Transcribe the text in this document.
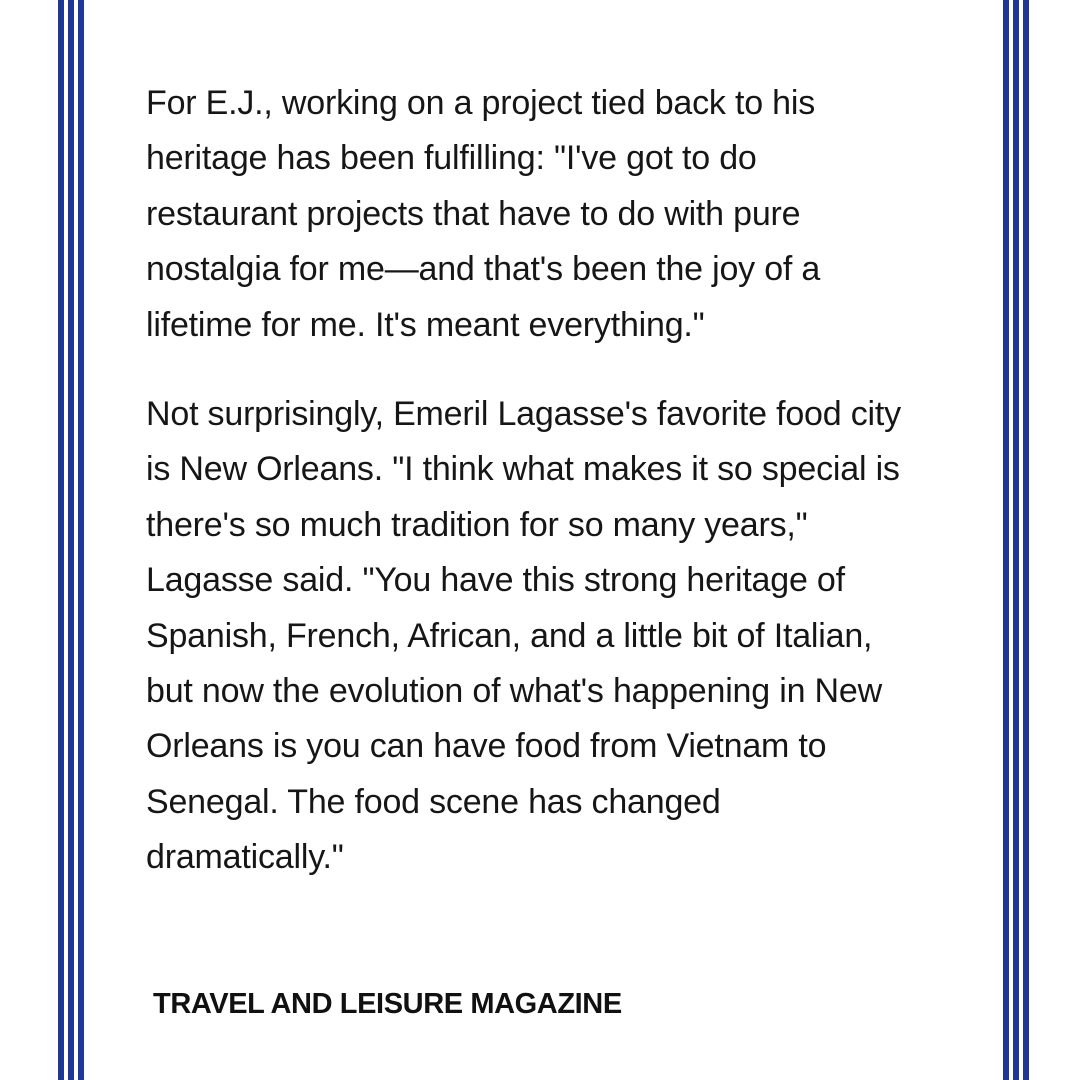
For E.J., working on a project tied back to his
heritage has been fulfilling: "I've got to do
restaurant projects that have to do with pure
nostalgia for me—and that's been the joy of a
lifetime for me. It's meant everything."

Not surprisingly, Emeril Lagasse's favorite food city
is New Orleans. "I think what makes it so special is
there's so much tradition for so many years,"
Lagasse said. "You have this strong heritage of
Spanish, French, African, and a little bit of Italian,
but now the evolution of what's happening in New
Orleans is you can have food from Vietnam to
Senegal. The food scene has changed
dramatically."

TRAVEL AND LEISURE MAGAZINE
